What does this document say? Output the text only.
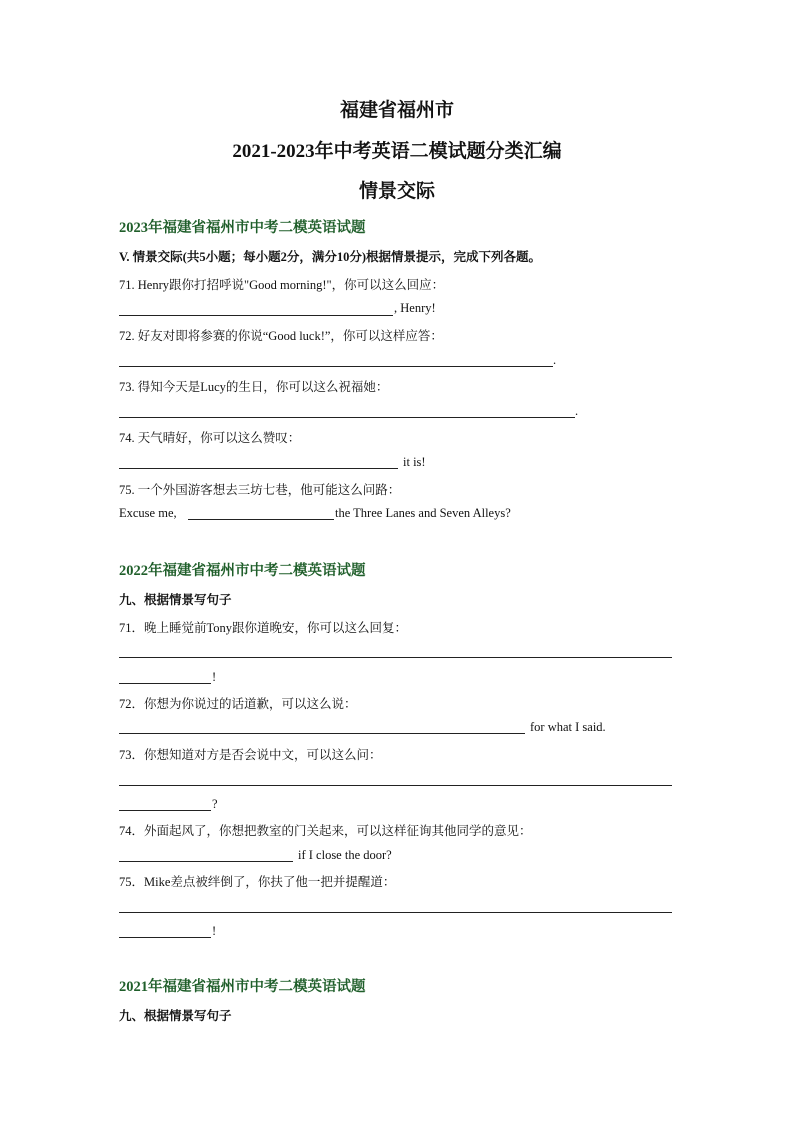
福建省福州市
2021-2023年中考英语二模试题分类汇编
情景交际
2023年福建省福州市中考二模英语试题
V. 情景交际(共5小题；每小题2分，满分10分)根据情景提示，完成下列各题。
71. Henry跟你打招呼说"Good morning!"，你可以这么回应：
, Henry!
72. 好友对即将参赛的你说“Good luck!”，你可以这样应答：
.
73. 得知今天是Lucy的生日，你可以这么祝福她：
.
74. 天气晴好，你可以这么赞叹：
it is!
75. 一个外国游客想去三坊七巷，他可能这么问路：
Excuse me,	the Three Lanes and Seven Alleys?
2022年福建省福州市中考二模英语试题
九、根据情景写句子
71．晚上睡觉前Tony跟你道晚安，你可以这么回复：
!
72．你想为你说过的话道歉，可以这么说：
for what I said.
73．你想知道对方是否会说中文，可以这么问：
?
74．外面起风了，你想把教室的门关起来，可以这样征询其他同学的意见：
if I close the door?
75．Mike差点被绊倒了，你扶了他一把并提醒道：
!
2021年福建省福州市中考二模英语试题
九、根据情景写句子
